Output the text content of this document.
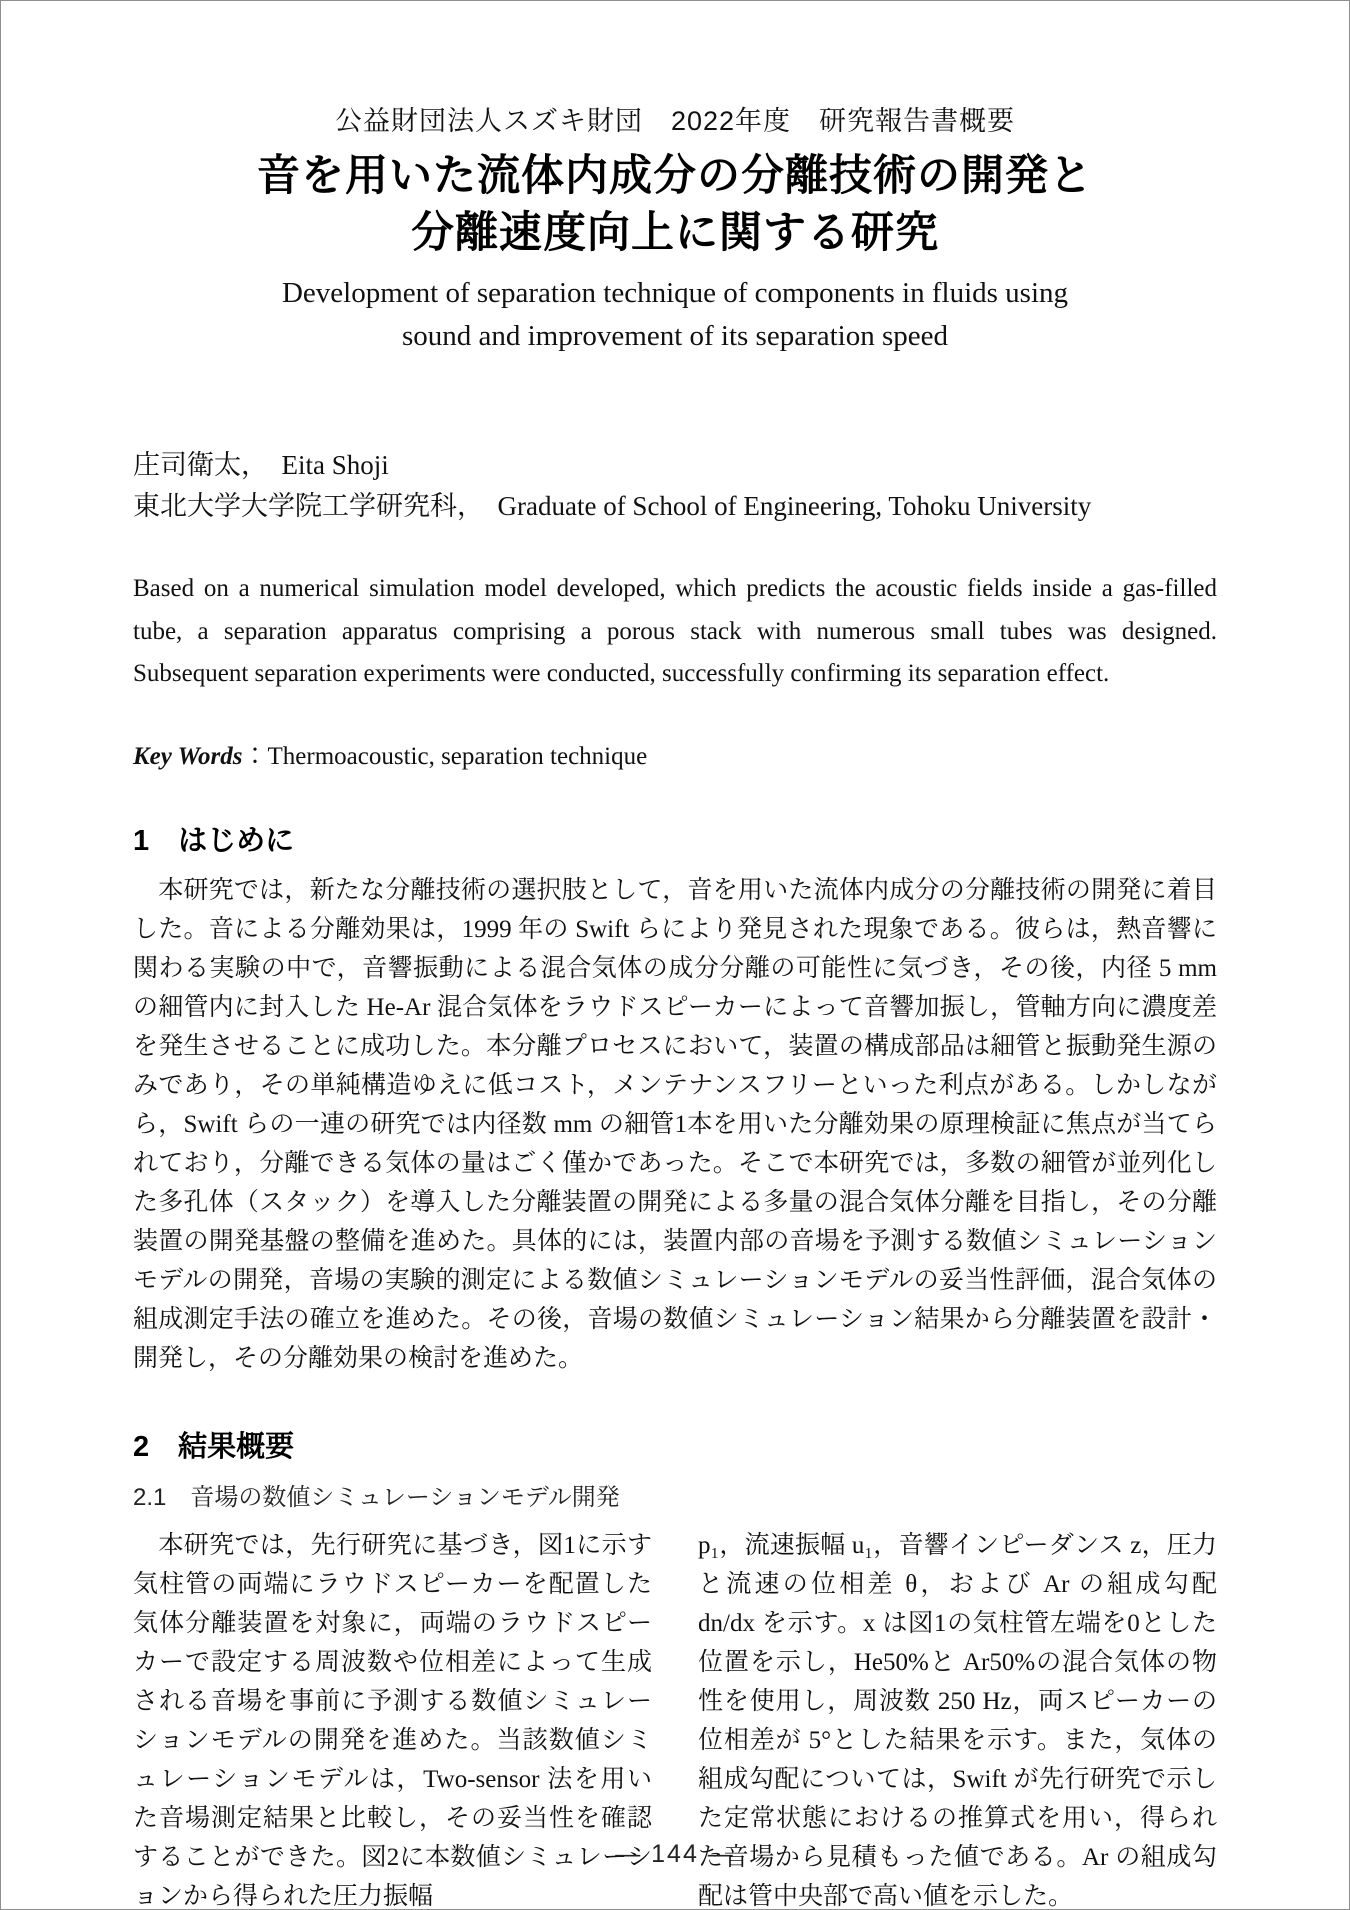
公益財団法人スズキ財団　2022年度　研究報告書概要
音を用いた流体内成分の分離技術の開発と
分離速度向上に関する研究
Development of separation technique of components in fluids using
sound and improvement of its separation speed

庄司衛太，　Eita Shoji

東北大学大学院工学研究科，　Graduate of School of Engineering, Tohoku University

Based on a numerical simulation model developed, which predicts the acoustic fields inside a gas-filled tube, a separation apparatus comprising a porous stack with numerous small tubes was designed. Subsequent separation experiments were conducted, successfully confirming its separation effect.
Key Words：Thermoacoustic, separation technique
1　はじめに
　本研究では，新たな分離技術の選択肢として，音を用いた流体内成分の分離技術の開発に着目した。音による分離効果は，1999 年の Swift らにより発見された現象である。彼らは，熱音響に関わる実験の中で，音響振動による混合気体の成分分離の可能性に気づき，その後，内径 5 mm の細管内に封入した He-Ar 混合気体をラウドスピーカーによって音響加振し，管軸方向に濃度差を発生させることに成功した。本分離プロセスにおいて，装置の構成部品は細管と振動発生源のみであり，その単純構造ゆえに低コスト，メンテナンスフリーといった利点がある。しかしながら，Swift らの一連の研究では内径数 mm の細管1本を用いた分離効果の原理検証に焦点が当てられており，分離できる気体の量はごく僅かであった。そこで本研究では，多数の細管が並列化した多孔体（スタック）を導入した分離装置の開発による多量の混合気体分離を目指し，その分離装置の開発基盤の整備を進めた。具体的には，装置内部の音場を予測する数値シミュレーションモデルの開発，音場の実験的測定による数値シミュレーションモデルの妥当性評価，混合気体の組成測定手法の確立を進めた。その後，音場の数値シミュレーション結果から分離装置を設計・開発し，その分離効果の検討を進めた。
2　結果概要
2.1　音場の数値シミュレーションモデル開発
　本研究では，先行研究に基づき，図1に示す気柱管の両端にラウドスピーカーを配置した気体分離装置を対象に，両端のラウドスピーカーで設定する周波数や位相差によって生成される音場を事前に予測する数値シミュレーションモデルの開発を進めた。当該数値シミュレーションモデルは，Two-sensor 法を用いた音場測定結果と比較し，その妥当性を確認することができた。図2に本数値シミュレーションから得られた圧力振幅
p₁，流速振幅 u₁，音響インピーダンス z，圧力と流速の位相差 θ，および Ar の組成勾配 dn/dx を示す。x は図1の気柱管左端を0とした位置を示し，He50%と Ar50%の混合気体の物性を使用し，周波数 250 Hz，両スピーカーの位相差が 5°とした結果を示す。また，気体の組成勾配については，Swift が先行研究で示した定常状態におけるの推算式を用い，得られた音場から見積もった値である。Ar の組成勾配は管中央部で高い値を示した。
— 144 —
